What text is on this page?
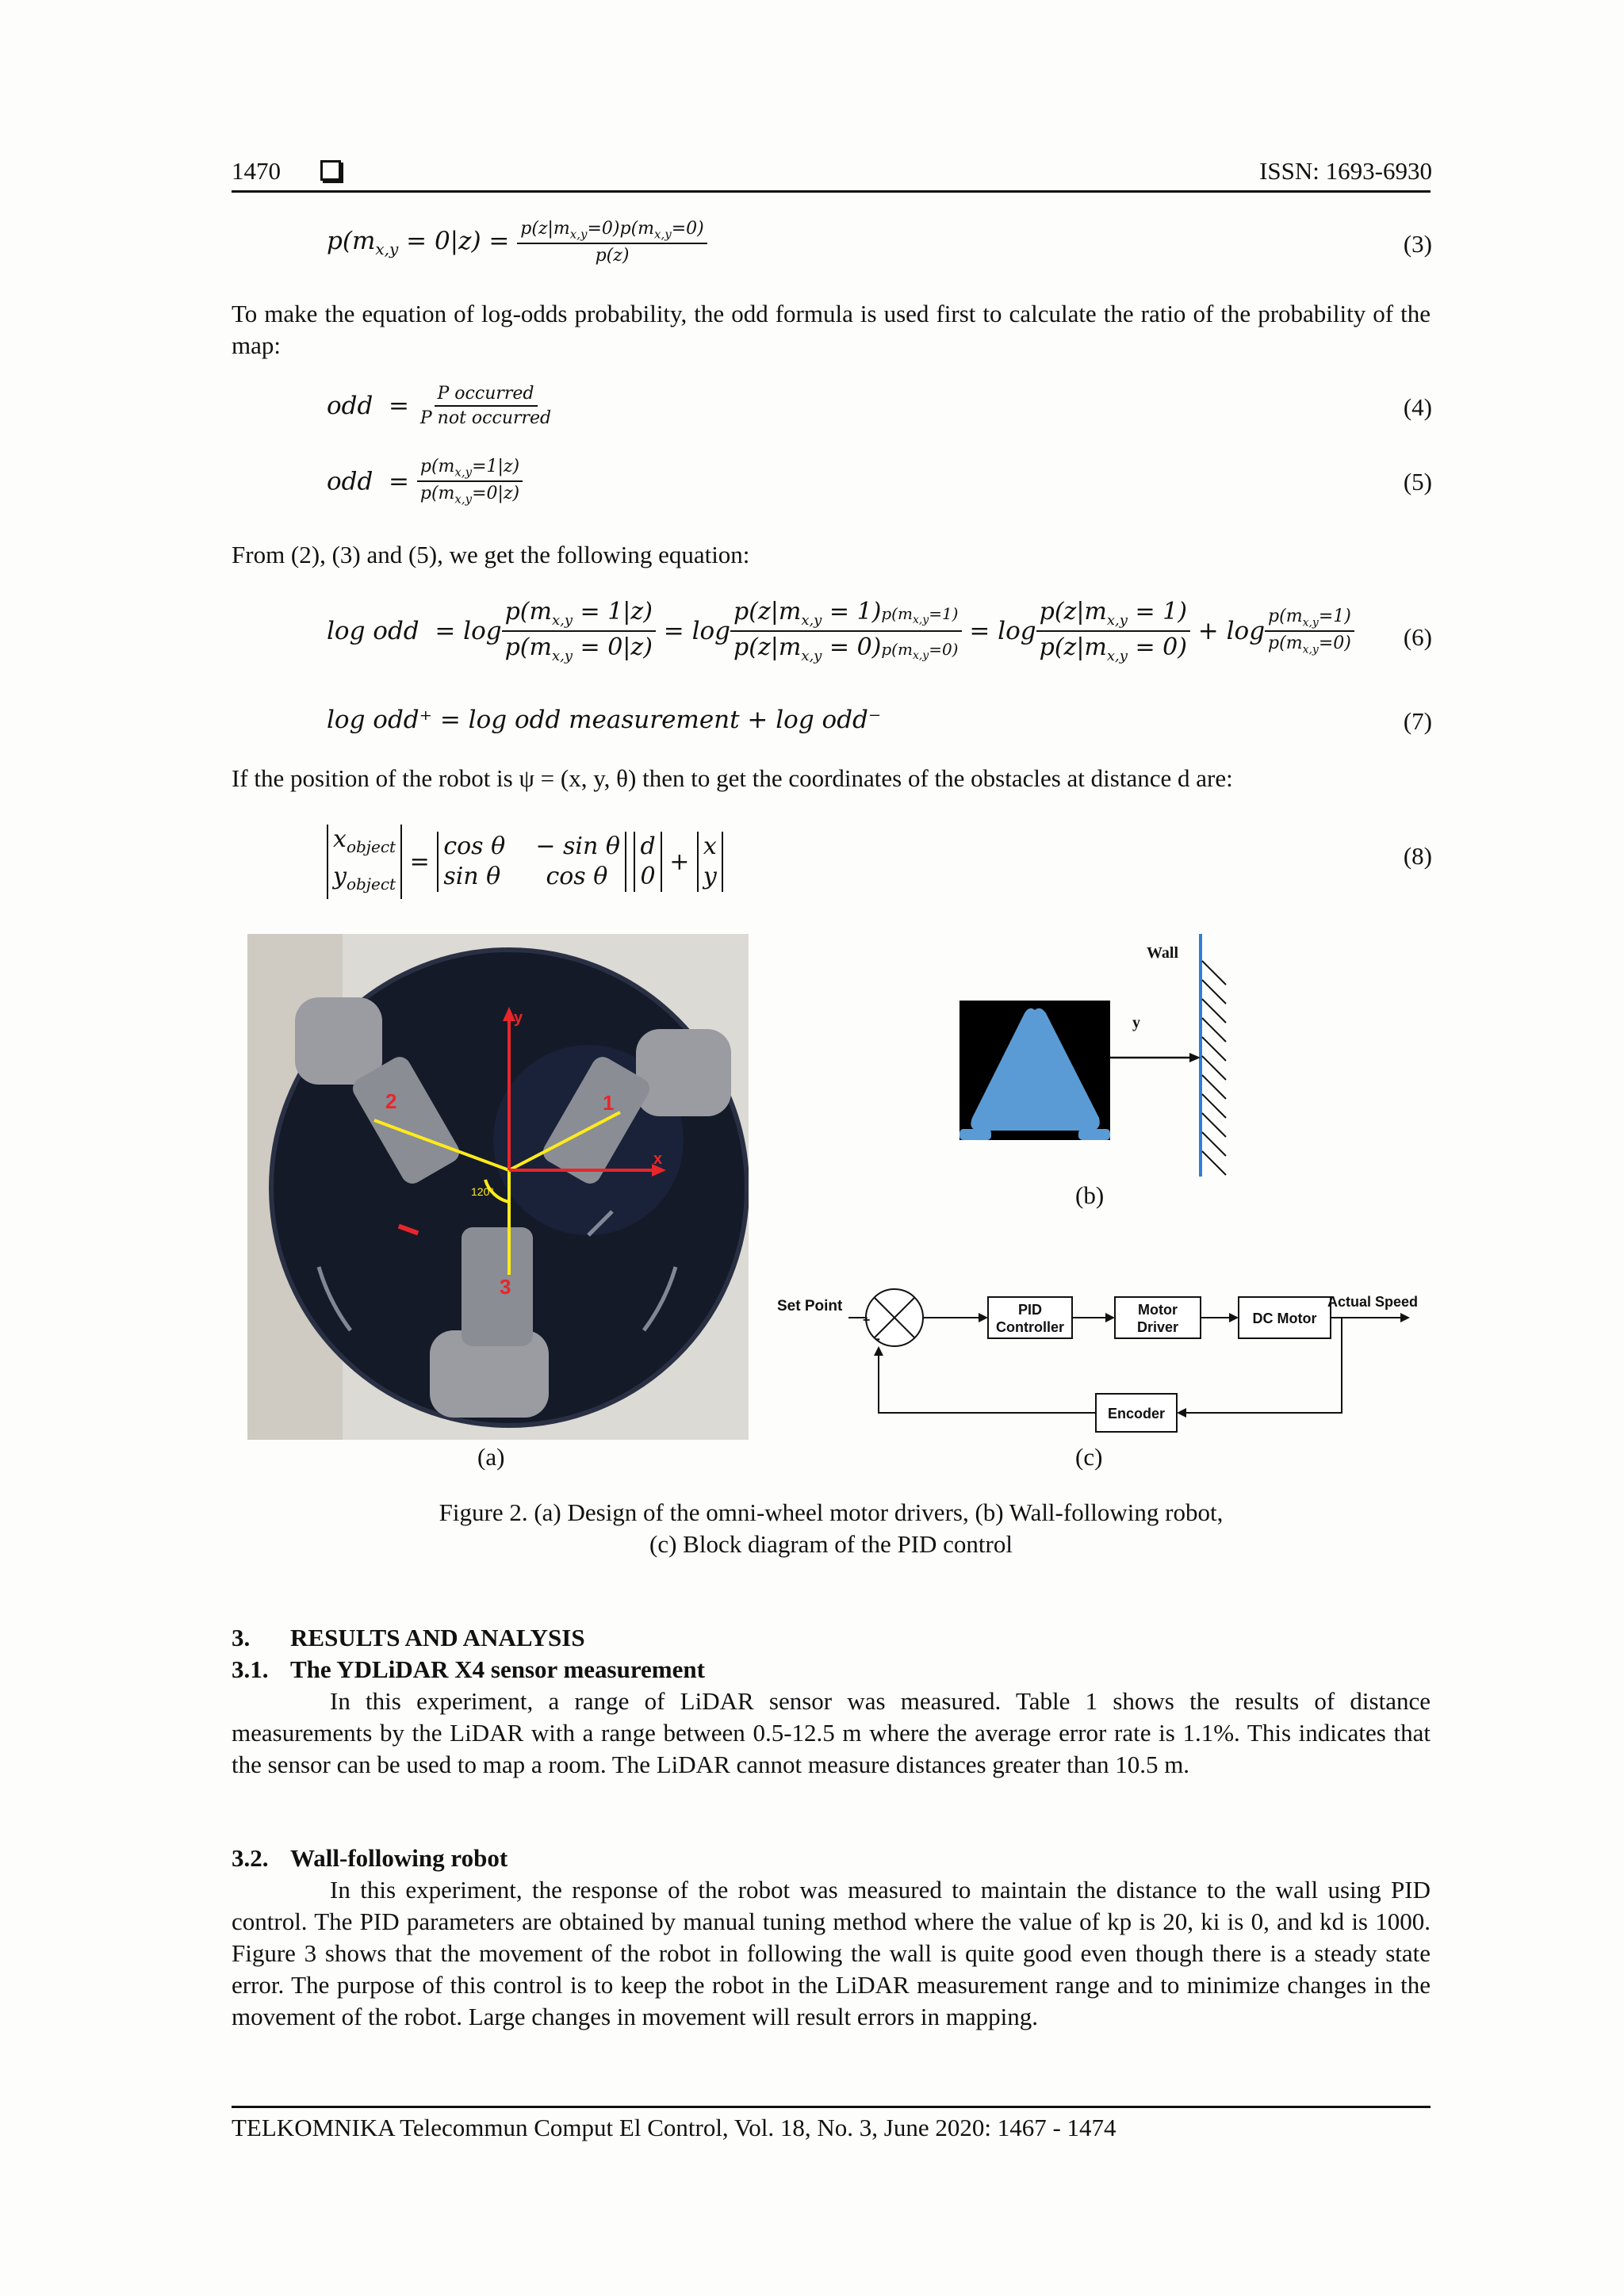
1470	ISSN: 1693-6930
$p(m_{x,y} = 0|z) = \frac{p(z|m_{x,y}=0)p(m_{x,y}=0)}{p(z)}$	(3)
To make the equation of log-odds probability, the odd formula is used first to calculate the ratio of the probability of the map:
odd  = $\frac{\text{P occurred}}{\text{P not occurred}}$	(4)
odd  = $\frac{p(m_{x,y}=1|z)}{p(m_{x,y}=0|z)}$	(5)
From (2), (3) and (5), we get the following equation:
log odd  = $\log \frac{p(m_{x,y} = 1|z)}{p(m_{x,y} = 0|z)} = \log \frac{p(z|m_{x,y} = 1)p(m_{x,y}=1)}{p(z|m_{x,y} = 0)p(m_{x,y}=0)} = \log \frac{p(z|m_{x,y} = 1)}{p(z|m_{x,y} = 0)} + \log \frac{p(m_{x,y}=1)}{p(m_{x,y}=0)} (6)$
log odd⁺ = log odd measurement + log odd⁻	(7)
If the position of the robot is ψ = (x, y, θ) then to get the coordinates of the obstacles at distance d are:
$x_{object}$
$y_{object} = \cos \theta$    − sin θ
sin θ      cos θ d
0 + x
y
(8)
2	1
3
y
x
120°
(a)
Wall
y
(b)
Set Point
+
-
PID
Controller
Motor
Driver
DC Motor
Actual Speed
Encoder
(c)
Figure 2. (a) Design of the omni-wheel motor drivers, (b) Wall-following robot,
(c) Block diagram of the PID control
3. RESULTS AND ANALYSIS
3.1. The YDLiDAR X4 sensor measurement
In this experiment, a range of LiDAR sensor was measured. Table 1 shows the results of distance measurements by the LiDAR with a range between 0.5-12.5 m where the average error rate is 1.1%. This indicates that the sensor can be used to map a room. The LiDAR cannot measure distances greater than 10.5 m.
3.2. Wall-following robot
In this experiment, the response of the robot was measured to maintain the distance to the wall using PID control. The PID parameters are obtained by manual tuning method where the value of kp is 20, ki is 0, and kd is 1000. Figure 3 shows that the movement of the robot in following the wall is quite good even though there is a steady state error. The purpose of this control is to keep the robot in the LiDAR measurement range and to minimize changes in the movement of the robot. Large changes in movement will result errors in mapping.
TELKOMNIKA Telecommun Comput El Control, Vol. 18, No. 3, June 2020: 1467 - 1474
